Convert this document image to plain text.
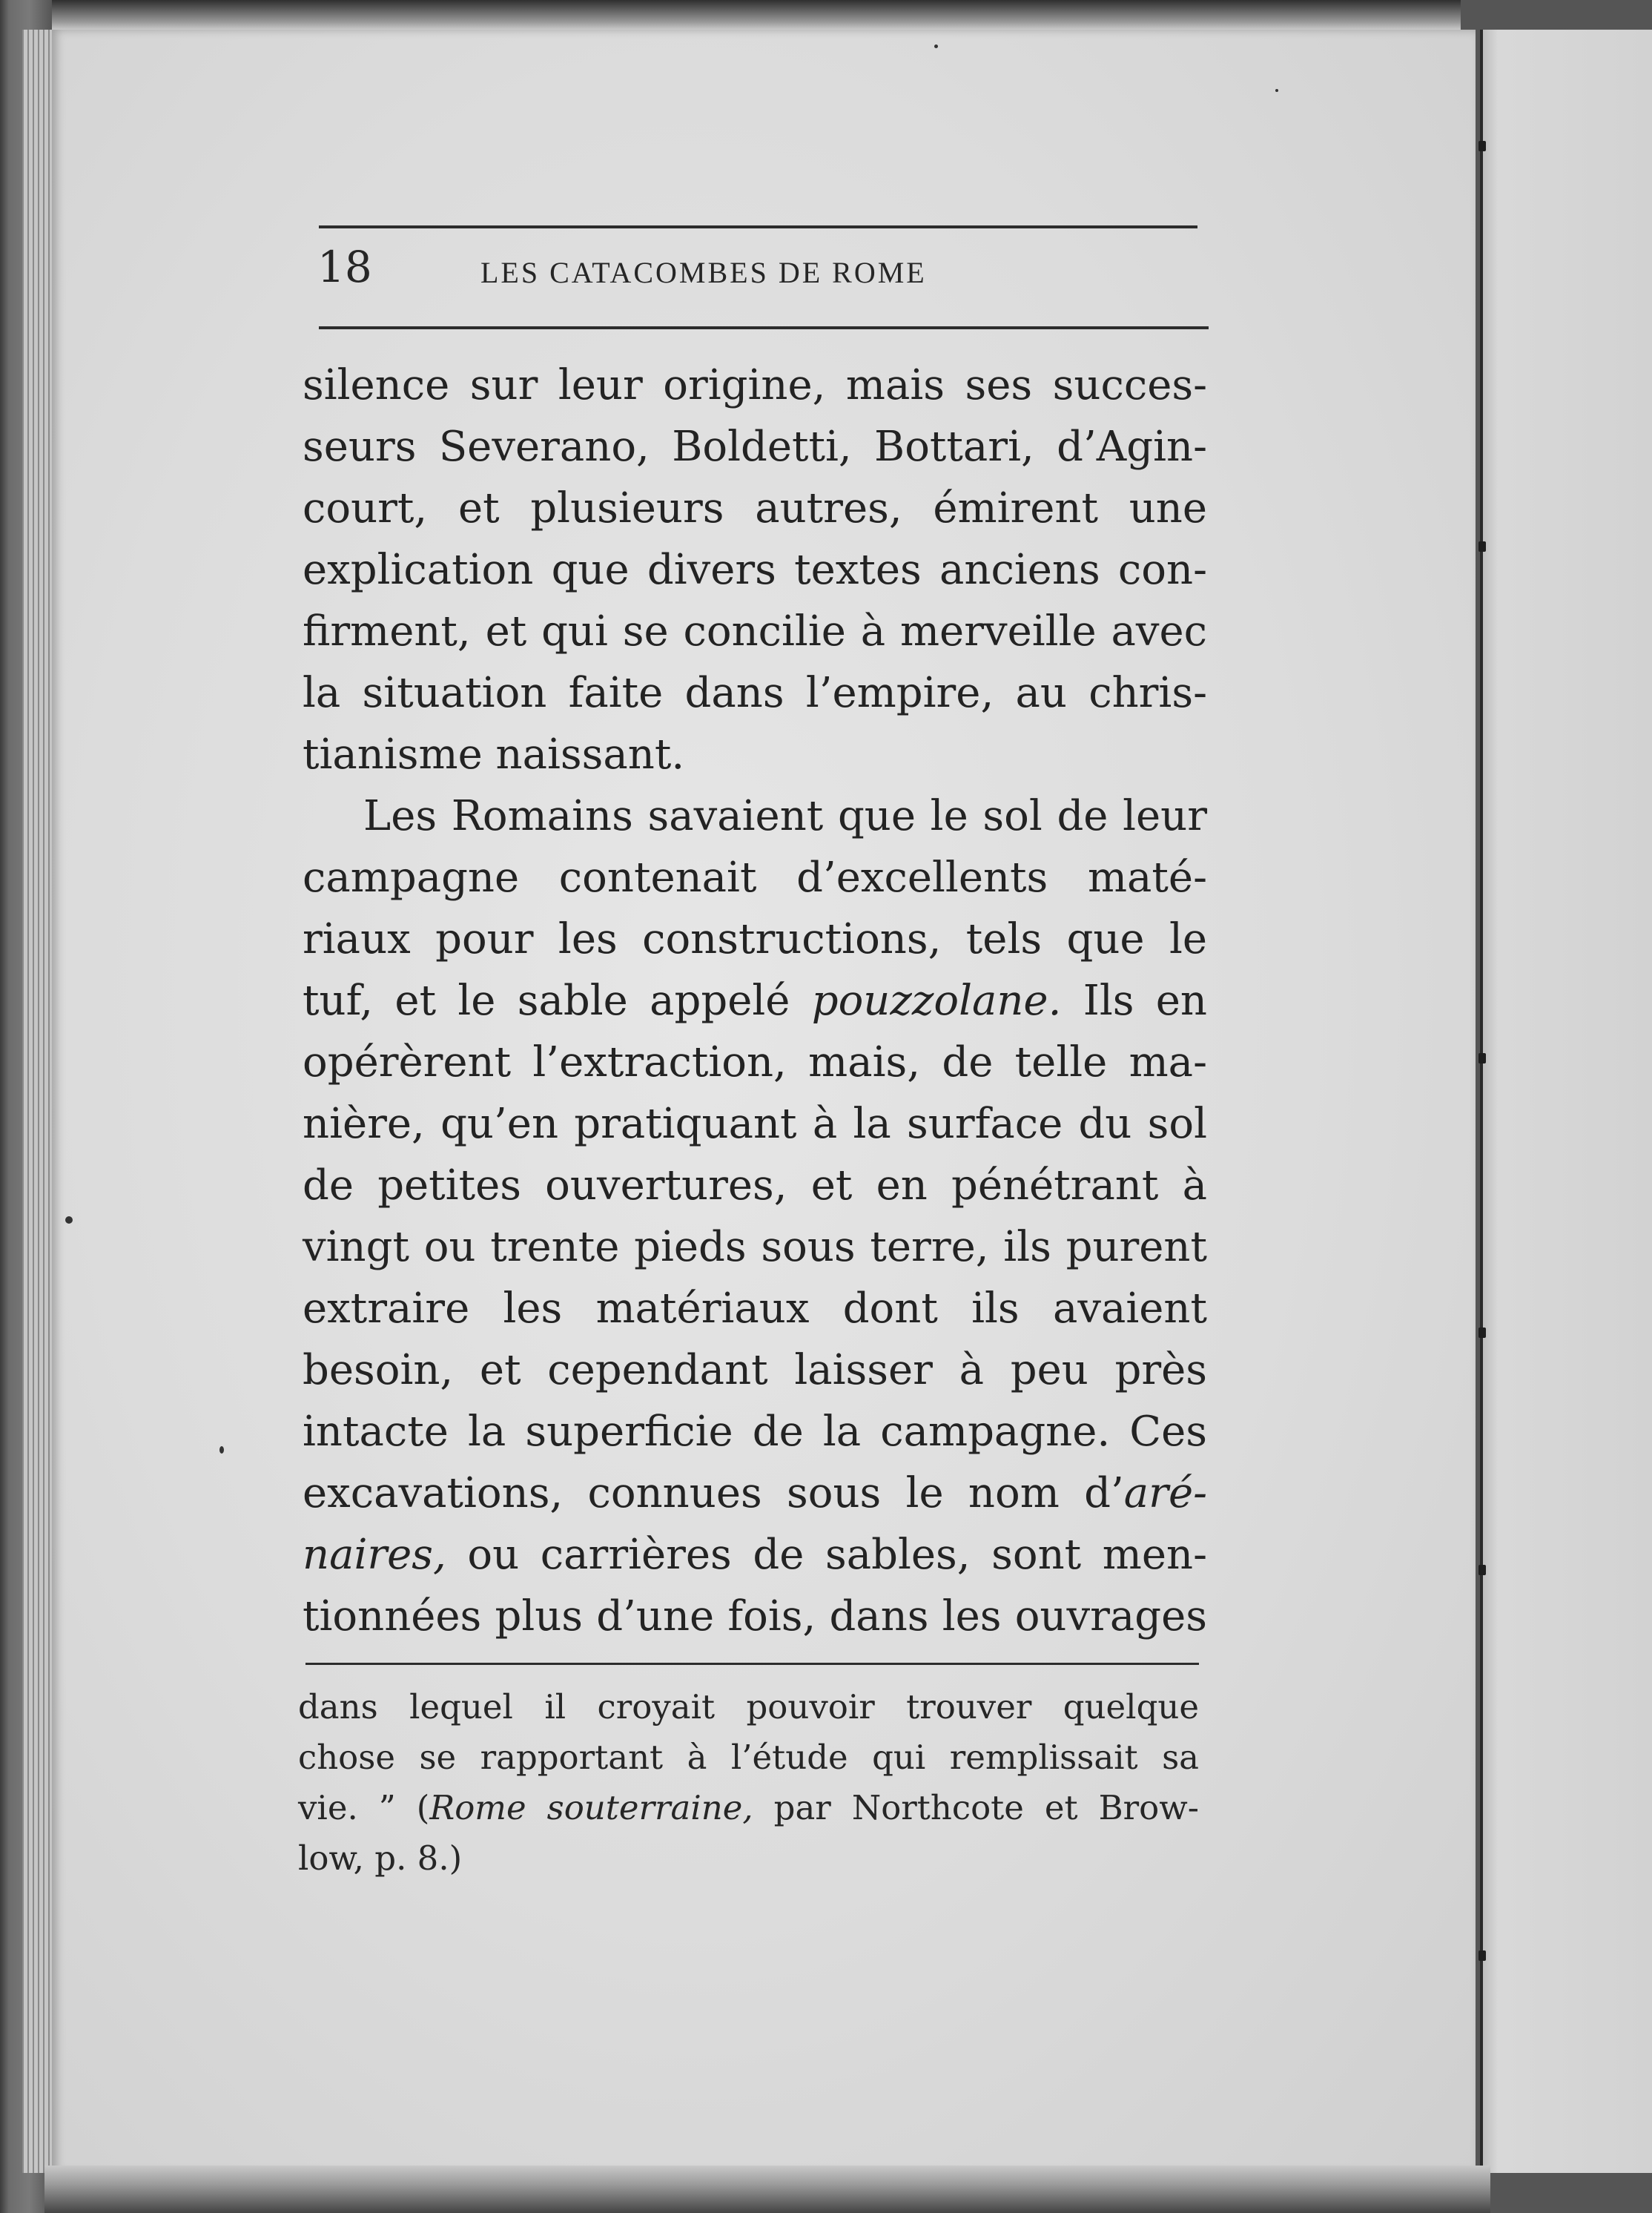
18	LES CATACOMBES DE ROME
silence sur leur origine, mais ses succes-
seurs Severano, Boldetti, Bottari, d’Agin-
court, et plusieurs autres, émirent une
explication que divers textes anciens con-
firment, et qui se concilie à merveille avec
la situation faite dans l’empire, au chris-
tianisme naissant.
Les Romains savaient que le sol de leur
campagne contenait d’excellents maté-
riaux pour les constructions, tels que le
tuf, et le sable appelé pouzzolane. Ils en
opérèrent l’extraction, mais, de telle ma-
nière, qu’en pratiquant à la surface du sol
de petites ouvertures, et en pénétrant à
vingt ou trente pieds sous terre, ils purent
extraire les matériaux dont ils avaient
besoin, et cependant laisser à peu près
intacte la superficie de la campagne. Ces
excavations, connues sous le nom d’aré-
naires, ou carrières de sables, sont men-
tionnées plus d’une fois, dans les ouvrages
dans lequel il croyait pouvoir trouver quelque
chose se rapportant à l’étude qui remplissait sa
vie. ” (Rome souterraine, par Northcote et Brow-
low, p. 8.)
